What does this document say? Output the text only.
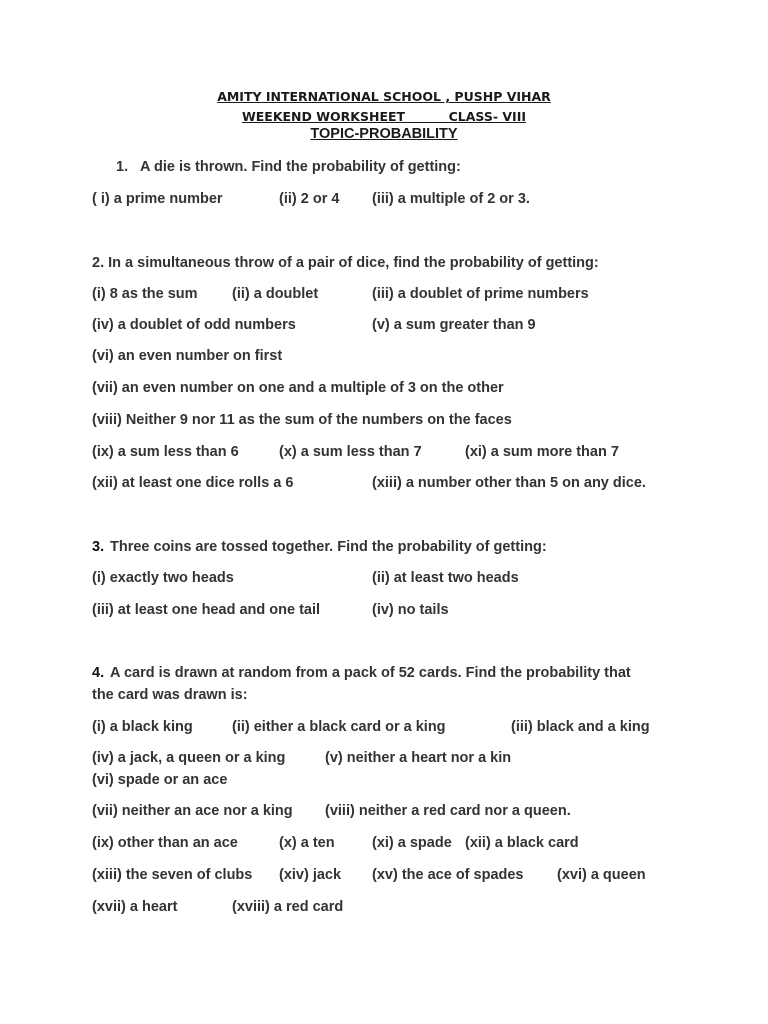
AMITY INTERNATIONAL SCHOOL , PUSHP VIHAR
WEEKEND WORKSHEET	CLASS- VIII
TOPIC-PROBABILITY
1. A die is thrown. Find the probability of getting:
( i) a prime number	(ii) 2 or 4 (iii) a multiple of 2 or 3.
2. In a simultaneous throw of a pair of dice, find the probability of getting:
(i) 8 as the sum (ii) a doublet	(iii) a doublet of prime numbers
(iv) a doublet of odd numbers	(v) a sum greater than 9
(vi) an even number on first
(vii) an even number on one and a multiple of 3 on the other
(viii) Neither 9 nor 11 as the sum of the numbers on the faces
(ix) a sum less than 6	(x) a sum less than 7	(xi) a sum more than 7
(xii) at least one dice rolls a 6	(xiii) a number other than 5 on any dice.
3. Three coins are tossed together. Find the probability of getting:
(i) exactly two heads	(ii) at least two heads
(iii) at least one head and one tail	(iv) no tails
4. A card is drawn at random from a pack of 52 cards. Find the probability that
the card was drawn is:
(i) a black king	(ii) either a black card or a king	(iii) black and a king
(iv) a jack, a queen or a king	(v) neither a heart nor a kin
(vi) spade or an ace
(vii) neither an ace nor a king (viii) neither a red card nor a queen.
(ix) other than an ace	(x) a ten	(xi) a spade (xii) a black card
(xiii) the seven of clubs (xiv) jack (xv) the ace of spades (xvi) a queen
(xvii) a heart	(xviii) a red card
